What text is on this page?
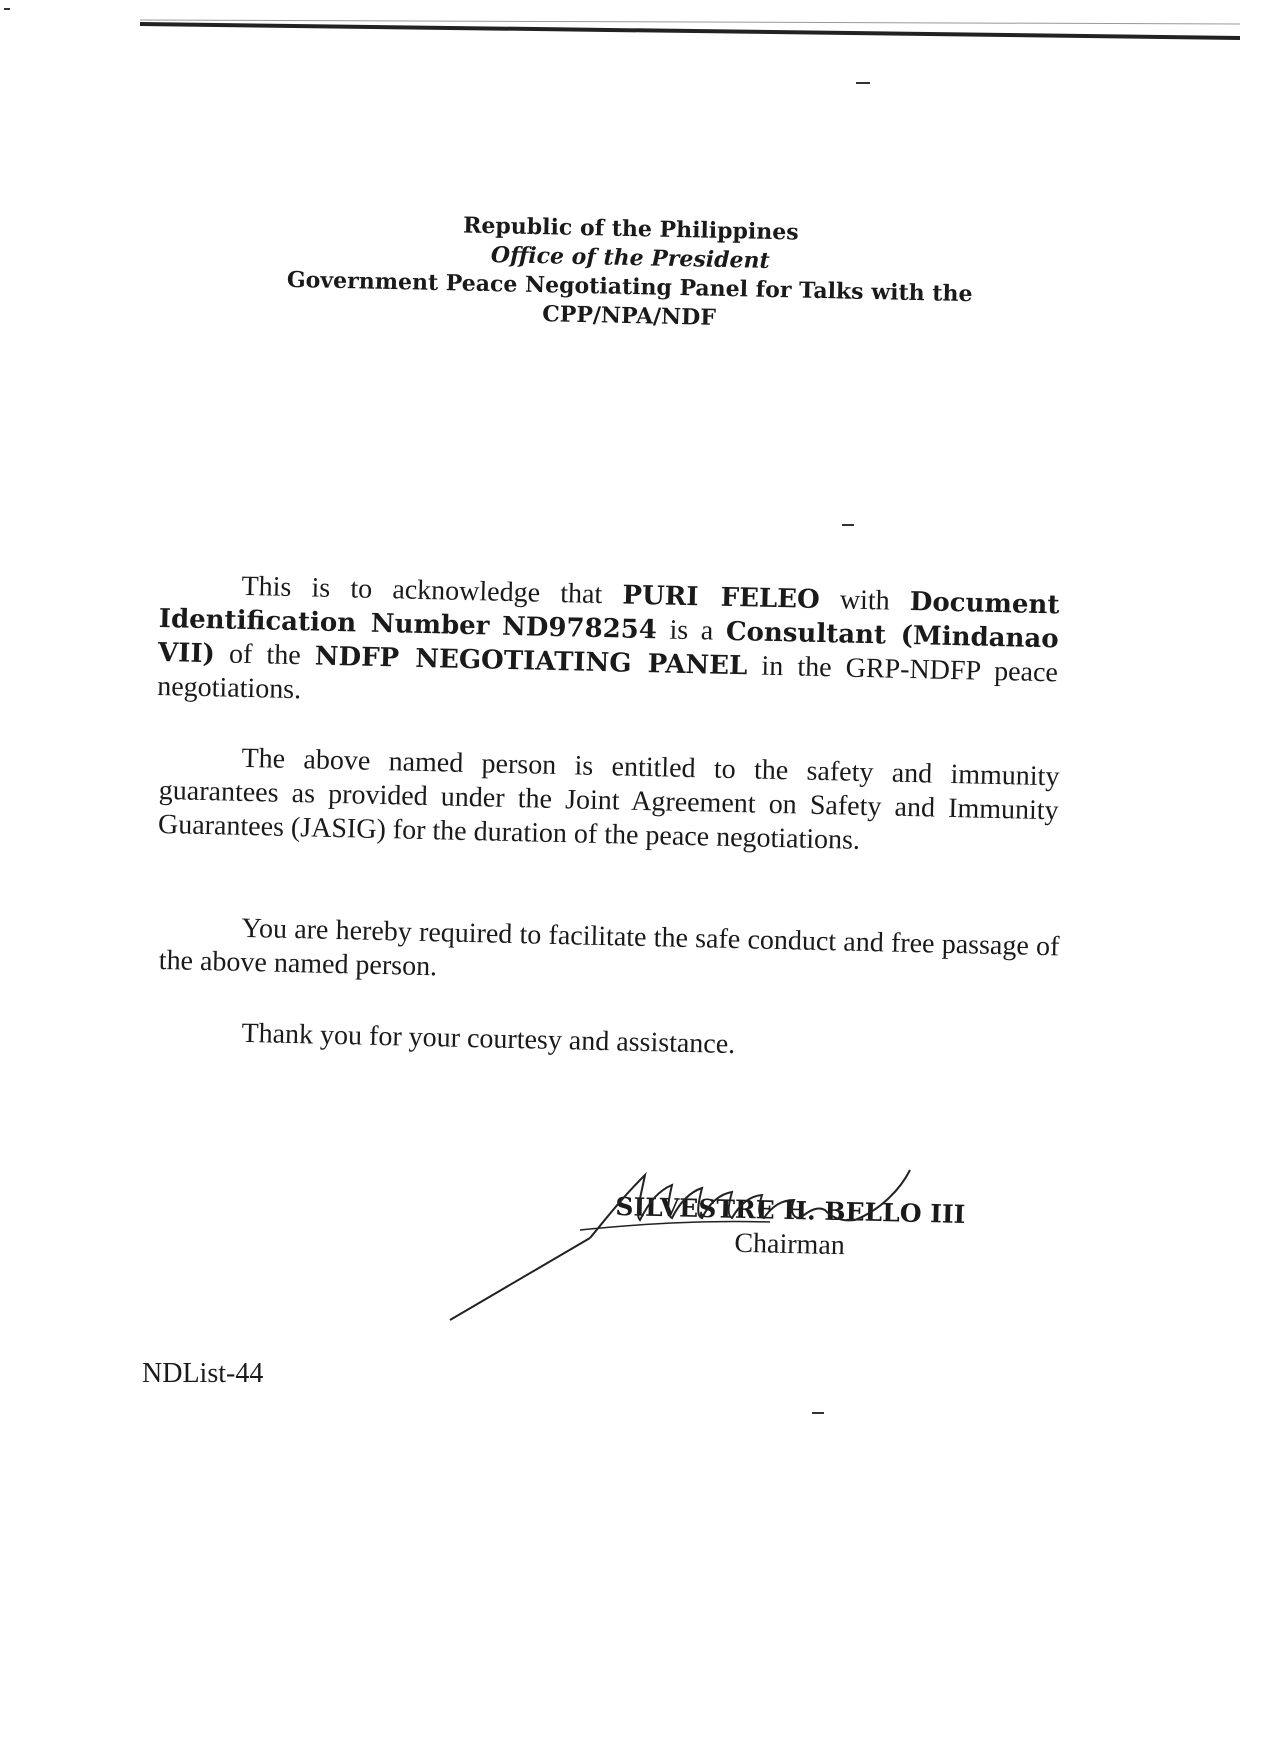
Republic of the Philippines
Office of the President
Government Peace Negotiating Panel for Talks with the
CPP/NPA/NDF
This is to acknowledge that PURI FELEO with Document Identification Number ND978254 is a Consultant (Mindanao VII) of the NDFP NEGOTIATING PANEL in the GRP-NDFP peace negotiations.
The above named person is entitled to the safety and immunity guarantees as provided under the Joint Agreement on Safety and Immunity Guarantees (JASIG) for the duration of the peace negotiations.
You are hereby required to facilitate the safe conduct and free passage of the above named person.
Thank you for your courtesy and assistance.
SILVESTRE H. BELLO III
Chairman
NDList-44
